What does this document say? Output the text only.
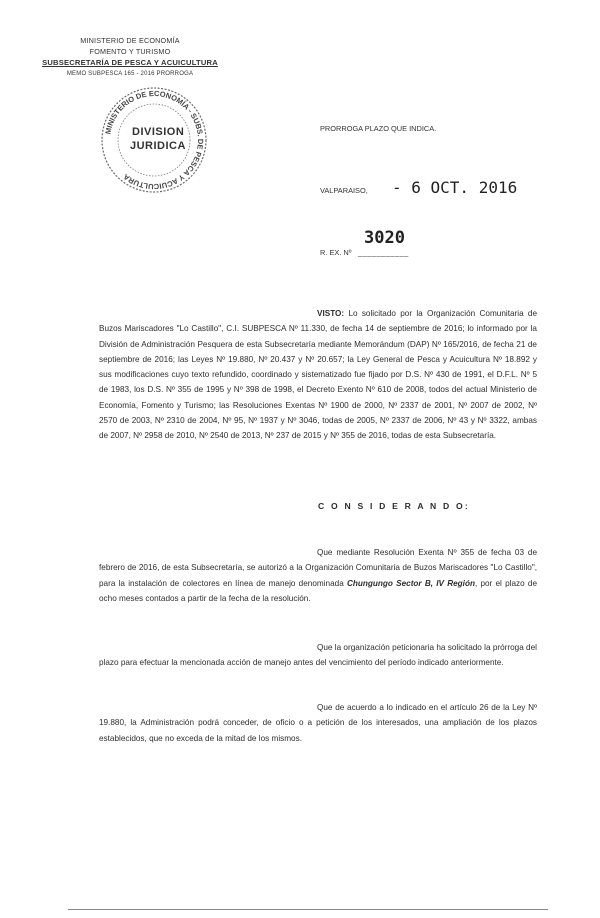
MINISTERIO DE ECONOMÍA
FOMENTO Y TURISMO
SUBSECRETARÍA DE PESCA Y ACUICULTURA
MEMO SUBPESCA 165 - 2016 PRORROGA
MINISTERIO DE ECONOMÍA - SUBS. DE PESCA Y ACUICULTURA
DIVISION
JURIDICA
PRORROGA PLAZO QUE INDICA.
VALPARAISO, - 6 OCT. 2016
R. EX. Nº ___________
3020
VISTO: Lo solicitado por la Organización Comunitaria de Buzos Mariscadores "Lo Castillo", C.I. SUBPESCA Nº 11.330, de fecha 14 de septiembre de 2016; lo informado por la División de Administración Pesquera de esta Subsecretaría mediante Memorándum (DAP) Nº 165/2016, de fecha 21 de septiembre de 2016; las Leyes Nº 19.880, Nº 20.437 y Nº 20.657; la Ley General de Pesca y Acuicultura Nº 18.892 y sus modificaciones cuyo texto refundido, coordinado y sistematizado fue fijado por D.S. Nº 430 de 1991, el D.F.L. Nº 5 de 1983, los D.S. Nº 355 de 1995 y Nº 398 de 1998, el Decreto Exento Nº 610 de 2008, todos del actual Ministerio de Economía, Fomento y Turismo; las Resoluciones Exentas Nº 1900 de 2000, Nº 2337 de 2001, Nº 2007 de 2002, Nº 2570 de 2003, Nº 2310 de 2004, Nº 95, Nº 1937 y Nº 3046, todas de 2005, Nº 2337 de 2006, Nº 43 y Nº 3322, ambas de 2007, Nº 2958 de 2010, Nº 2540 de 2013, Nº 237 de 2015 y Nº 355 de 2016, todas de esta Subsecretaría.
C O N S I D E R A N D O:
Que mediante Resolución Exenta Nº 355 de fecha 03 de febrero de 2016, de esta Subsecretaría, se autorizó a la Organización Comunitaria de Buzos Mariscadores "Lo Castillo", para la instalación de colectores en línea de manejo denominada Chungungo Sector B, IV Región, por el plazo de ocho meses contados a partir de la fecha de la resolución.
Que la organización peticionaria ha solicitado la prórroga del plazo para efectuar la mencionada acción de manejo antes del vencimiento del período indicado anteriormente.
Que de acuerdo a lo indicado en el artículo 26 de la Ley Nº 19.880, la Administración podrá conceder, de oficio o a petición de los interesados, una ampliación de los plazos establecidos, que no exceda de la mitad de los mismos.
